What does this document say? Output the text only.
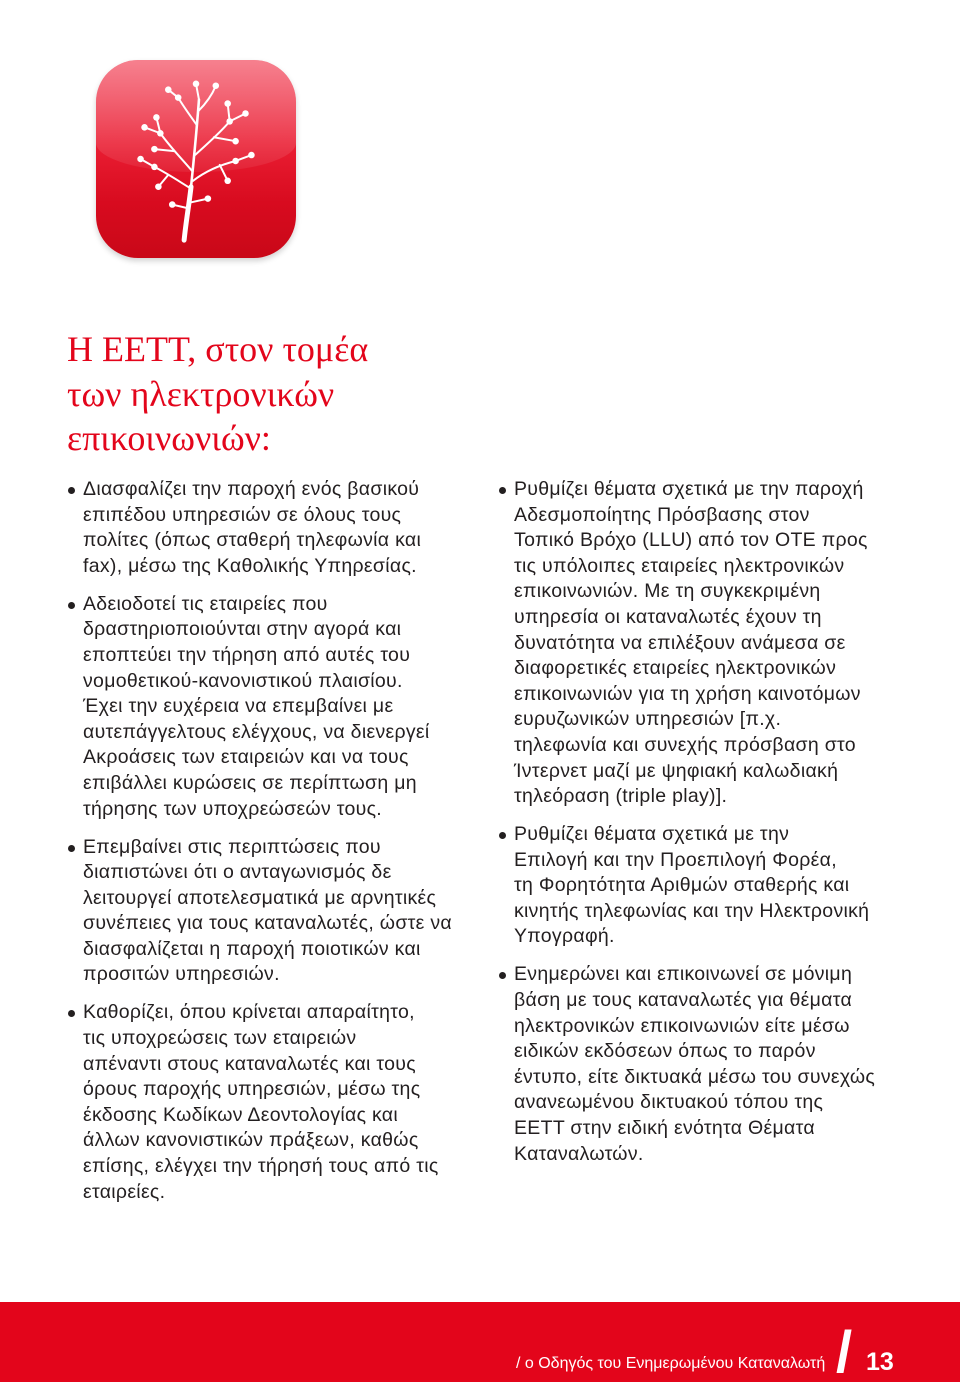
Η ΕΕΤΤ, στον τομέα
των ηλεκτρονικών
επικοινωνιών:
Διασφαλίζει την παροχή ενός βασικού
επιπέδου υπηρεσιών σε όλους τους
πολίτες (όπως σταθερή τηλεφωνία και
fax), μέσω της Καθολικής Υπηρεσίας.
Αδειοδοτεί τις εταιρείες που
δραστηριοποιούνται στην αγορά και
εποπτεύει την τήρηση από αυτές του
νομοθετικού-κανονιστικού πλαισίου.
Έχει την ευχέρεια να επεμβαίνει με
αυτεπάγγελτους ελέγχους, να διενεργεί
Ακροάσεις των εταιρειών και να τους
επιβάλλει κυρώσεις σε περίπτωση μη
τήρησης των υποχρεώσεών τους.
Επεμβαίνει στις περιπτώσεις που
διαπιστώνει ότι ο ανταγωνισμός δε
λειτουργεί αποτελεσματικά με αρνητικές
συνέπειες για τους καταναλωτές, ώστε να
διασφαλίζεται η παροχή ποιοτικών και
προσιτών υπηρεσιών.
Καθορίζει, όπου κρίνεται απαραίτητο,
τις υποχρεώσεις των εταιρειών
απέναντι στους καταναλωτές και τους
όρους παροχής υπηρεσιών, μέσω της
έκδοσης Κωδίκων Δεοντολογίας και
άλλων κανονιστικών πράξεων, καθώς
επίσης, ελέγχει την τήρησή τους από τις
εταιρείες.
Ρυθμίζει θέματα σχετικά με την παροχή
Αδεσμοποίητης Πρόσβασης στον
Τοπικό Βρόχο (LLU) από τον ΟΤΕ προς
τις υπόλοιπες εταιρείες ηλεκτρονικών
επικοινωνιών. Με τη συγκεκριμένη
υπηρεσία οι καταναλωτές έχουν τη
δυνατότητα να επιλέξουν ανάμεσα σε
διαφορετικές εταιρείες ηλεκτρονικών
επικοινωνιών για τη χρήση καινοτόμων
ευρυζωνικών υπηρεσιών [π.χ.
τηλεφωνία και συνεχής πρόσβαση στο
Ίντερνετ μαζί με ψηφιακή καλωδιακή
τηλεόραση (triple play)].
Ρυθμίζει θέματα σχετικά με την
Επιλογή και την Προεπιλογή Φορέα,
τη Φορητότητα Αριθμών σταθερής και
κινητής τηλεφωνίας και την Ηλεκτρονική
Υπογραφή.
Ενημερώνει και επικοινωνεί σε μόνιμη
βάση με τους καταναλωτές για θέματα
ηλεκτρονικών επικοινωνιών είτε μέσω
ειδικών εκδόσεων όπως το παρόν
έντυπο, είτε δικτυακά μέσω του συνεχώς
ανανεωμένου δικτυακού τόπου της
ΕΕΤΤ στην ειδική ενότητα Θέματα
Καταναλωτών.
/ ο Οδηγός του Ενημερωμένου Καταναλωτή / 13
